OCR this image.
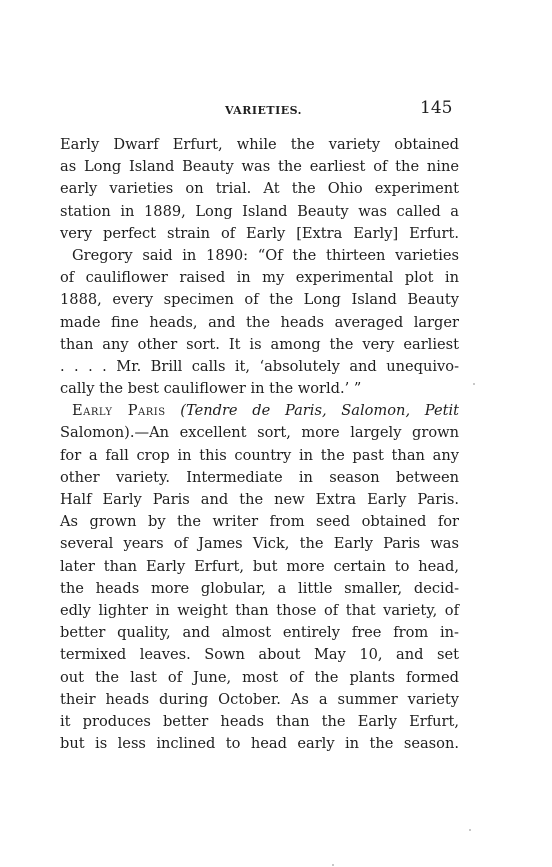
VARIETIES.	145
Early Dwarf Erfurt, while the variety obtained
as Long Island Beauty was the earliest of the nine
early varieties on trial. At the Ohio experiment
station in 1889, Long Island Beauty was called a
very perfect strain of Early [Extra Early] Erfurt.
Gregory said in 1890: “Of the thirteen varieties
of cauliflower raised in my experimental plot in
1888, every specimen of the Long Island Beauty
made fine heads, and the heads averaged larger
than any other sort. It is among the very earliest
. . . . Mr. Brill calls it, ‘absolutely and unequivo-
cally the best cauliflower in the world.’ ”
Early Paris (Tendre de Paris, Salomon, Petit
Salomon).—An excellent sort, more largely grown
for a fall crop in this country in the past than any
other variety. Intermediate in season between
Half Early Paris and the new Extra Early Paris.
As grown by the writer from seed obtained for
several years of James Vick, the Early Paris was
later than Early Erfurt, but more certain to head,
the heads more globular, a little smaller, decid-
edly lighter in weight than those of that variety, of
better quality, and almost entirely free from in-
termixed leaves. Sown about May 10, and set
out the last of June, most of the plants formed
their heads during October. As a summer variety
it produces better heads than the Early Erfurt,
but is less inclined to head early in the season.
